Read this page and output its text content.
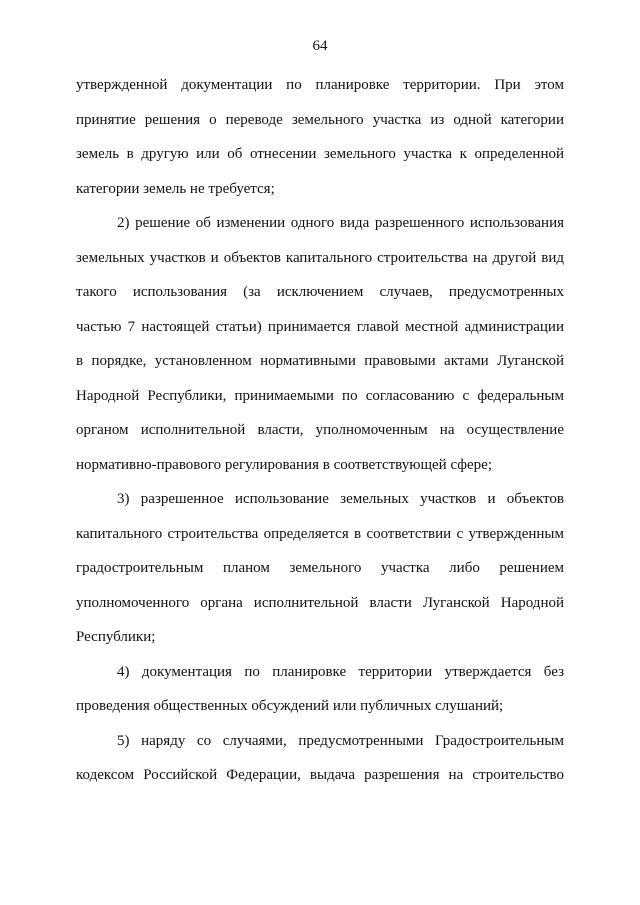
64
утвержденной документации по планировке территории. При этом
принятие решения о переводе земельного участка из одной категории
земель в другую или об отнесении земельного участка к определенной
категории земель не требуется;
2) решение об изменении одного вида разрешенного использования
земельных участков и объектов капитального строительства на другой вид
такого использования (за исключением случаев, предусмотренных
частью 7 настоящей статьи) принимается главой местной администрации
в порядке, установленном нормативными правовыми актами Луганской
Народной Республики, принимаемыми по согласованию с федеральным
органом исполнительной власти, уполномоченным на осуществление
нормативно-правового регулирования в соответствующей сфере;
3) разрешенное использование земельных участков и объектов
капитального строительства определяется в соответствии с утвержденным
градостроительным планом земельного участка либо решением
уполномоченного органа исполнительной власти Луганской Народной
Республики;
4) документация по планировке территории утверждается без
проведения общественных обсуждений или публичных слушаний;
5) наряду со случаями, предусмотренными Градостроительным
кодексом Российской Федерации, выдача разрешения на строительство
